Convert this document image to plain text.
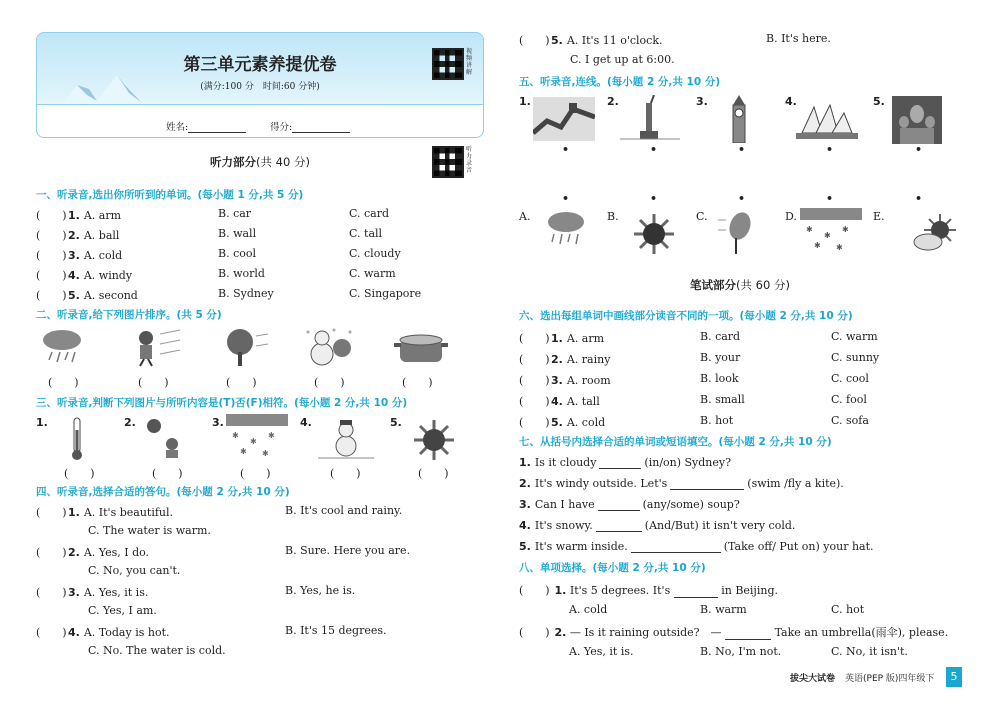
第三单元素养提优卷
(满分:100 分　时间:60 分钟)
姓名:	得分:
视频讲解
听力部分(共 40 分)
听力录音
一、听录音,选出你所听到的单词。(每小题 1 分,共 5 分)
(　　)1. A. arm	B. car	C. card
(　　)2. A. ball	B. wall	C. tall
(　　)3. A. cold	B. cool	C. cloudy
(　　)4. A. windy	B. world	C. warm
(　　)5. A. second	B. Sydney	C. Singapore
二、听录音,给下列图片排序。(共 5 分)
(　　)	(　　)	(　　)	(　　)	(　　)
三、听录音,判断下列图片与所听内容是(T)否(F)相符。(每小题 2 分,共 10 分)
1.	2.	3.	4.	5.
✱
✱
✱
✱ ✱
(　　)	(　　)	(　　)	(　　)	(　　)
四、听录音,选择合适的答句。(每小题 2 分,共 10 分)
(　　)1. A. It's beautiful.	B. It's cool and rainy.
C. The water is warm.
(　　)2. A. Yes, I do.	B. Sure. Here you are.
C. No, you can't.
(　　)3. A. Yes, it is.	B. Yes, he is.
C. Yes, I am.
(　　)4. A. Today is hot.	B. It's 15 degrees.
C. No. The water is cold.
(　　)5. A. It's 11 o'clock.	B. It's here.
C. I get up at 6:00.
五、听录音,连线。(每小题 2 分,共 10 分)
1.	2.	3.	4.	5.
•	•	•	•	•
•	•	•	•	•
A.	B.	C.	D.	E.
✱
✱
✱
✱ ✱
笔试部分(共 60 分)
六、选出每组单词中画线部分读音不同的一项。(每小题 2 分,共 10 分)
(　　)1. A. arm	B. card	C. warm
(　　)2. A. rainy	B. your	C. sunny
(　　)3. A. room	B. look	C. cool
(　　)4. A. tall	B. small	C. fool
(　　)5. A. cold	B. hot	C. sofa
七、从括号内选择合适的单词或短语填空。(每小题 2 分,共 10 分)
1. Is it cloudy	(in/on) Sydney?
2. It's windy outside. Let's	(swim /fly a kite).
3. Can I have	(any/some) soup?
4. It's snowy.	(And/But) it isn't very cold.
5. It's warm inside.	(Take off/ Put on) your hat.
八、单项选择。(每小题 2 分,共 10 分)
(　　) 1. It's 5 degrees. It's	in Beijing.
A. cold	B. warm	C. hot
(　　) 2. — Is it raining outside?　—	Take an umbrella(雨伞), please.
A. Yes, it is.	B. No, I'm not.	C. No, it isn't.
拔尖大试卷 英语(PEP 版)四年级下	5
